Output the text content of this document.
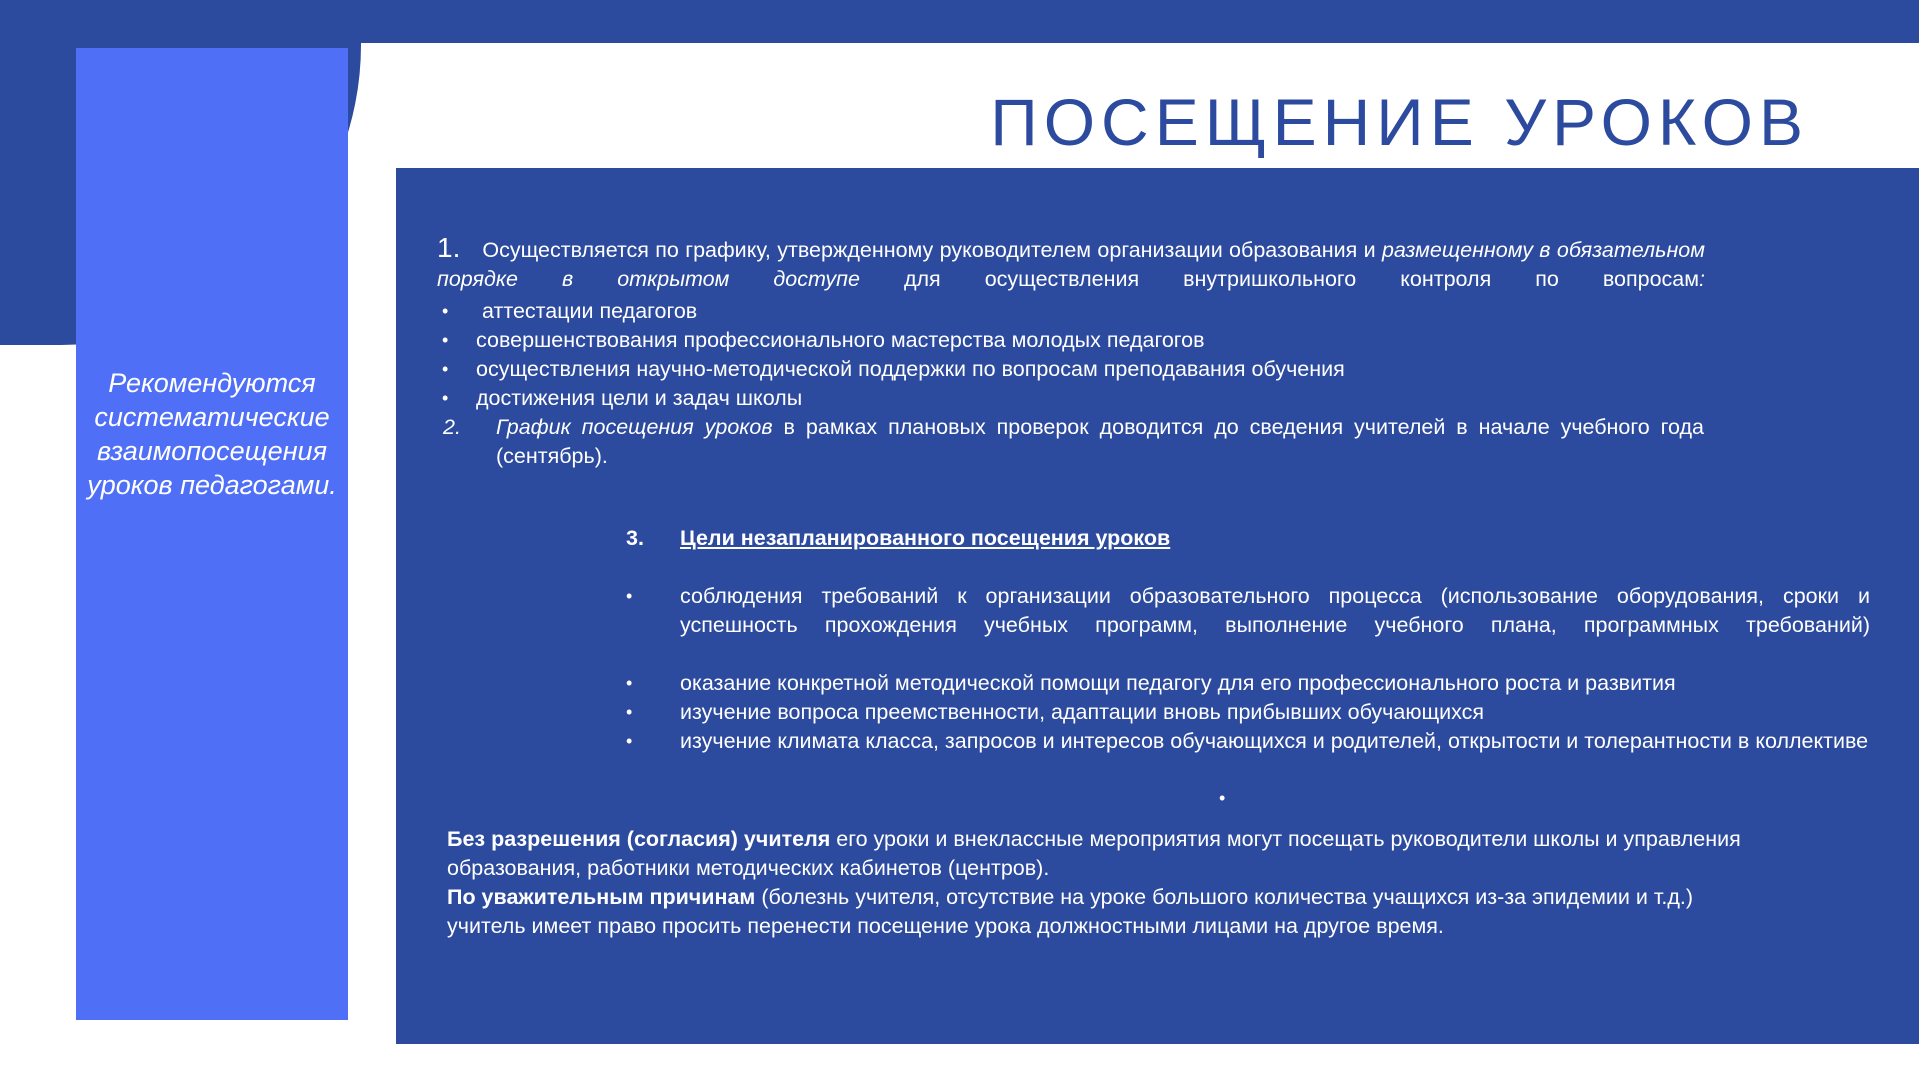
Рекомендуются систематические взаимопосещения уроков педагогами.
ПОСЕЩЕНИЕ УРОКОВ

1. Осуществляется по графику, утвержденному руководителем организации образования и размещенному в обязательном порядке в открытом доступе для осуществления внутришкольного контроля по вопросам:

• аттестации педагогов

• совершенствования профессионального мастерства молодых педагогов

• осуществления научно-методической поддержки по вопросам преподавания обучения

• достижения цели и задач школы

2. График посещения уроков в рамках плановых проверок доводится до сведения учителей в начале учебного года (сентябрь).

3. Цели незапланированного посещения уроков
• соблюдения требований к организации образовательного процесса (использование оборудования, сроки и успешность прохождения учебных программ, выполнение учебного плана, программных требований)

• оказание конкретной методической помощи педагогу для его профессионального роста и развития

• изучение вопроса преемственности, адаптации вновь прибывших обучающихся

• изучение климата класса, запросов и интересов обучающихся и родителей, открытости и толерантности в коллективе

•

Без разрешения (согласия) учителя его уроки и внеклассные мероприятия могут посещать руководители школы и управления образования, работники методических кабинетов (центров).

По уважительным причинам (болезнь учителя, отсутствие на уроке большого количества учащихся из-за эпидемии и т.д.) учитель имеет право просить перенести посещение урока должностными лицами на другое время.
